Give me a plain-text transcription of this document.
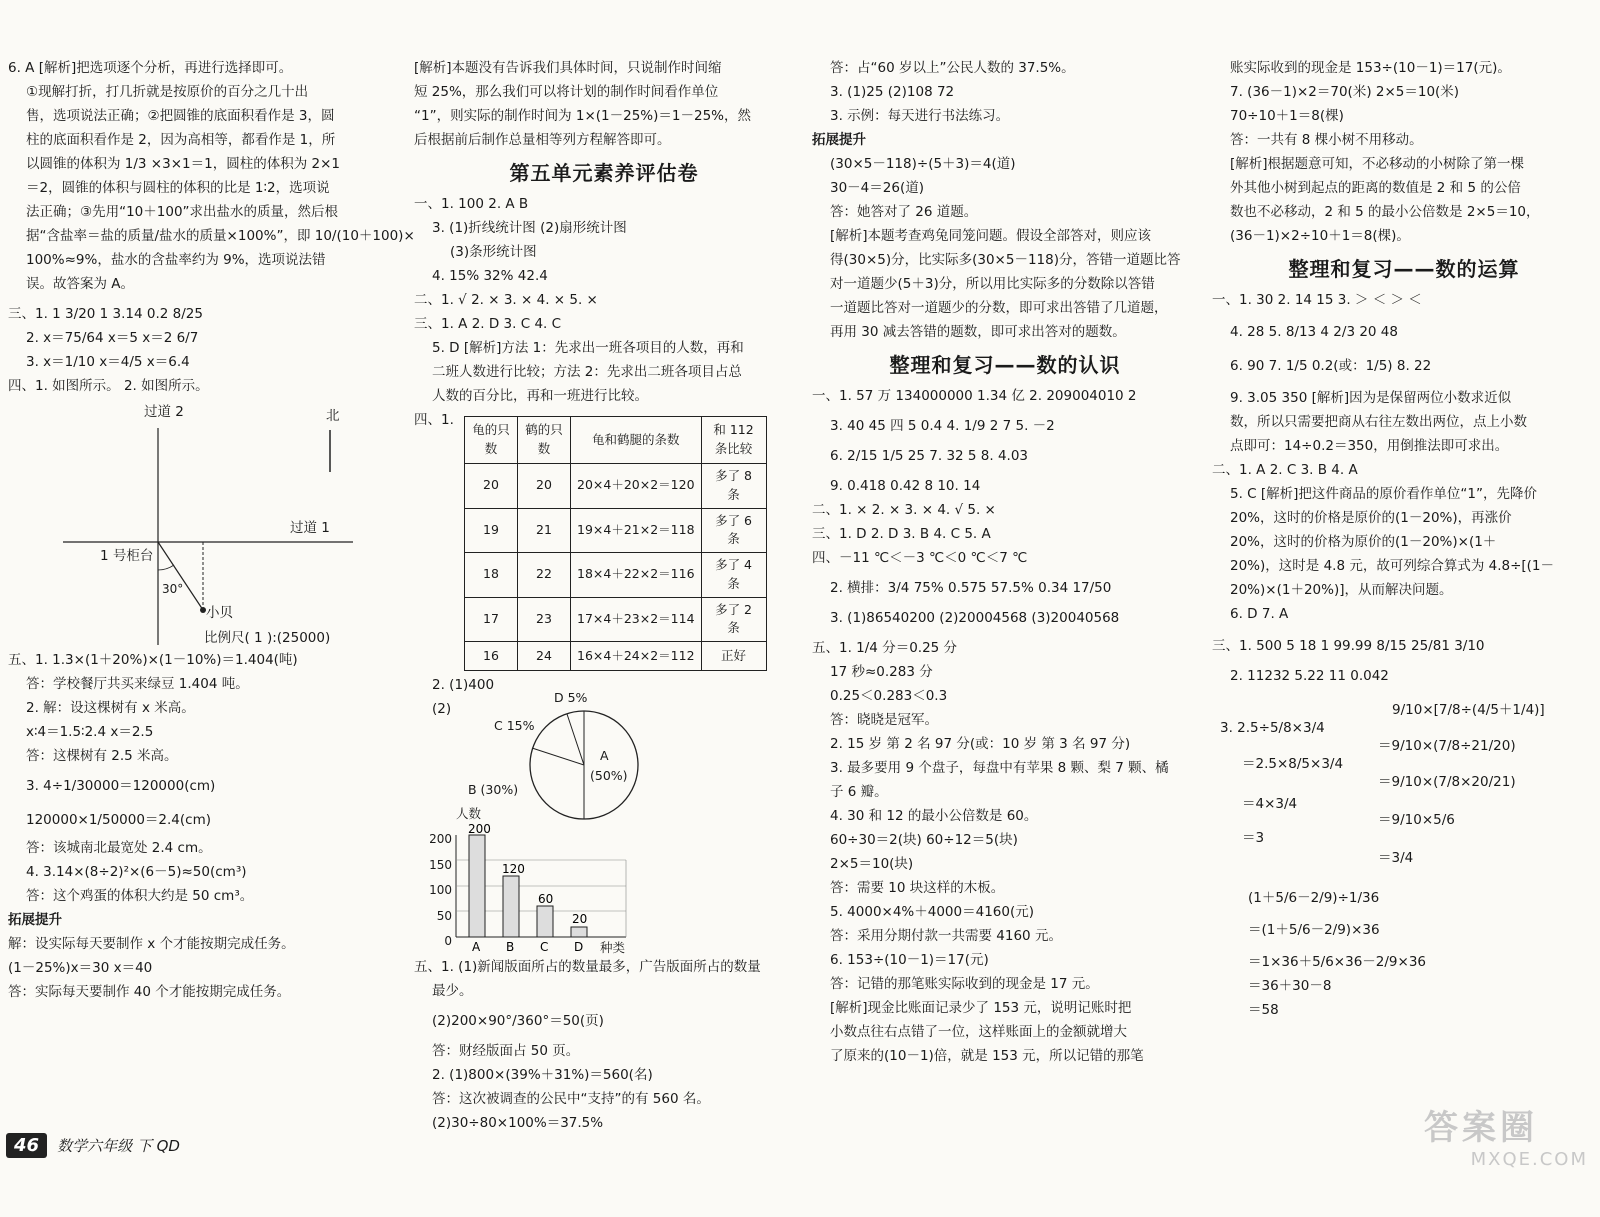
6. A [解析]把选项逐个分析，再进行选择即可。
①现解打折，打几折就是按原价的百分之几十出
售，选项说法正确；②把圆锥的底面积看作是 3，圆
柱的底面积看作是 2，因为高相等，都看作是 1，所
以圆锥的体积为 1/3 ×3×1＝1，圆柱的体积为 2×1
＝2，圆锥的体积与圆柱的体积的比是 1∶2，选项说
法正确；③先用“10＋100”求出盐水的质量，然后根
据“含盐率＝盐的质量/盐水的质量×100%”，即 10/(10＋100)×
100%≈9%，盐水的含盐率约为 9%，选项说法错
误。故答案为 A。
三、1. 1 3/20 1 3.14 0.2 8/25
2. x＝75/64 x＝5 x＝2 6/7
3. x＝1/10 x＝4/5 x＝6.4
四、1. 如图所示。 2. 如图所示。
过道 2	北
过道 1
1 号柜台
30°
小贝
比例尺( 1 ):(25000)
五、1. 1.3×(1＋20%)×(1－10%)＝1.404(吨)
答：学校餐厅共买来绿豆 1.404 吨。
2. 解：设这棵树有 x 米高。
x∶4＝1.5∶2.4 x＝2.5
答：这棵树有 2.5 米高。
3. 4÷1/30000＝120000(cm)
120000×1/50000＝2.4(cm)
答：该城南北最宽处 2.4 cm。
4. 3.14×(8÷2)²×(6－5)≈50(cm³)
答：这个鸡蛋的体积大约是 50 cm³。
拓展提升
解：设实际每天要制作 x 个才能按期完成任务。
(1－25%)x＝30 x＝40
答：实际每天要制作 40 个才能按期完成任务。
[解析]本题没有告诉我们具体时间，只说制作时间缩
短 25%，那么我们可以将计划的制作时间看作单位
“1”，则实际的制作时间为 1×(1－25%)＝1－25%，然
后根据前后制作总量相等列方程解答即可。
第五单元素养评估卷
一、1. 100 2. A B
3. (1)折线统计图 (2)扇形统计图
(3)条形统计图
4. 15% 32% 42.4
二、1. √ 2. × 3. × 4. × 5. ×
三、1. A 2. D 3. C 4. C
5. D [解析]方法 1：先求出一班各项目的人数，再和
二班人数进行比较；方法 2：先求出二班各项目占总
人数的百分比，再和一班进行比较。
四、1.
龟的只数	鹤的只数	龟和鹤腿的条数	和 112 条比较
20	20	20×4＋20×2＝120	多了 8 条
19	21	19×4＋21×2＝118	多了 6 条
18	22	18×4＋22×2＝116	多了 4 条
17	23	17×4＋23×2＝114	多了 2 条
16	24	16×4＋24×2＝112	正好
2. (1)400
(2)
D 5%
C 15%
B (30%)
A
(50%)
200
120
60
20
A B C D
人数
种类
200
150
100
50
0
五、1. (1)新闻版面所占的数量最多，广告版面所占的数量
最少。
(2)200×90°/360°＝50(页)
答：财经版面占 50 页。
2. (1)800×(39%＋31%)＝560(名)
答：这次被调查的公民中“支持”的有 560 名。
(2)30÷80×100%＝37.5%
答：占“60 岁以上”公民人数的 37.5%。
3. (1)25 (2)108 72
3. 示例：每天进行书法练习。
拓展提升
(30×5－118)÷(5＋3)＝4(道)
30－4＝26(道)
答：她答对了 26 道题。
[解析]本题考查鸡兔同笼问题。假设全部答对，则应该
得(30×5)分，比实际多(30×5－118)分，答错一道题比答
对一道题少(5＋3)分，所以用比实际多的分数除以答错
一道题比答对一道题少的分数，即可求出答错了几道题，
再用 30 减去答错的题数，即可求出答对的题数。
整理和复习——数的认识
一、1. 57 万 134000000 1.34 亿 2. 209004010 2
3. 40 45 四 5 0.4 4. 1/9 2 7 5. －2
6. 2/15 1/5 25 7. 32 5 8. 4.03
9. 0.418 0.42 8 10. 14
二、1. × 2. × 3. × 4. √ 5. ×
三、1. D 2. D 3. B 4. C 5. A
四、－11 ℃＜－3 ℃＜0 ℃＜7 ℃
2. 横排：3/4 75% 0.575 57.5% 0.34 17/50
3. (1)86540200 (2)20004568 (3)20040568
五、1. 1/4 分＝0.25 分
17 秒≈0.283 分
0.25＜0.283＜0.3
答：晓晓是冠军。
2. 15 岁 第 2 名 97 分(或：10 岁 第 3 名 97 分)
3. 最多要用 9 个盘子，每盘中有苹果 8 颗、梨 7 颗、橘
子 6 瓣。
4. 30 和 12 的最小公倍数是 60。
60÷30＝2(块) 60÷12＝5(块)
2×5＝10(块)
答：需要 10 块这样的木板。
5. 4000×4%＋4000＝4160(元)
答：采用分期付款一共需要 4160 元。
6. 153÷(10－1)＝17(元)
答：记错的那笔账实际收到的现金是 17 元。
[解析]现金比账面记录少了 153 元，说明记账时把
小数点往右点错了一位，这样账面上的金额就增大
了原来的(10－1)倍，就是 153 元，所以记错的那笔
账实际收到的现金是 153÷(10－1)＝17(元)。
7. (36－1)×2＝70(米) 2×5＝10(米)
70÷10＋1＝8(棵)
答：一共有 8 棵小树不用移动。
[解析]根据题意可知，不必移动的小树除了第一棵
外其他小树到起点的距离的数值是 2 和 5 的公倍
数也不必移动，2 和 5 的最小公倍数是 2×5＝10，
(36－1)×2÷10＋1＝8(棵)。
整理和复习——数的运算
一、1. 30 2. 14 15 3. ＞ ＜ ＞ ＜
4. 28 5. 8/13 4 2/3 20 48
6. 90 7. 1/5 0.2(或：1/5) 8. 22
9. 3.05 350 [解析]因为是保留两位小数求近似
数，所以只需要把商从右往左数出两位，点上小数
点即可：14÷0.2＝350，用倒推法即可求出。
二、1. A 2. C 3. B 4. A
5. C [解析]把这件商品的原价看作单位“1”，先降价
20%，这时的价格是原价的(1－20%)，再涨价
20%，这时的价格为原价的(1－20%)×(1＋
20%)，这时是 4.8 元，故可列综合算式为 4.8÷[(1－
20%)×(1＋20%)]，从而解决问题。
6. D 7. A
三、1. 500 5 18 1 99.99 8/15 25/81 3/10
2. 11232 5.22 11 0.042
3. 2.5÷5/8×3/4
＝2.5×8/5×3/4
＝4×3/4
＝3
9/10×[7/8÷(4/5＋1/4)]
＝9/10×(7/8÷21/20)
＝9/10×(7/8×20/21)
＝9/10×5/6
＝3/4
(1＋5/6－2/9)÷1/36
＝(1＋5/6－2/9)×36
＝1×36＋5/6×36－2/9×36
＝36＋30－8
＝58
46	数学六年级 下 QD	答案圈
MXQE.COM
